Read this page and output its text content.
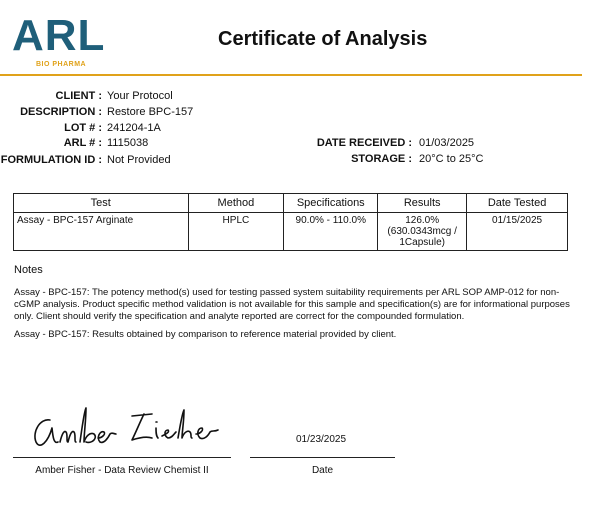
ARL
BIO PHARMA
Certificate of Analysis
CLIENT : Your Protocol
DESCRIPTION : Restore BPC-157
LOT # : 241204-1A
ARL # : 1115038
FORMULATION ID : Not Provided
DATE RECEIVED : 01/03/2025
STORAGE : 20°C to 25°C
Test	Method	Specifications	Results	Date Tested
Assay - BPC-157 Arginate	HPLC	90.0% - 110.0%	126.0%
(630.0343mcg /
1Capsule)	01/15/2025
Notes
Assay - BPC-157: The potency method(s) used for testing passed system suitability requirements per ARL SOP AMP-012 for non-cGMP analysis. Product specific method validation is not available for this sample and specification(s) are for informational purposes only. Client should verify the specification and analyte reported are correct for the compounded formulation.
Assay - BPC-157: Results obtained by comparison to reference material provided by client.
Amber Fisher - Data Review Chemist II
01/23/2025
Date
